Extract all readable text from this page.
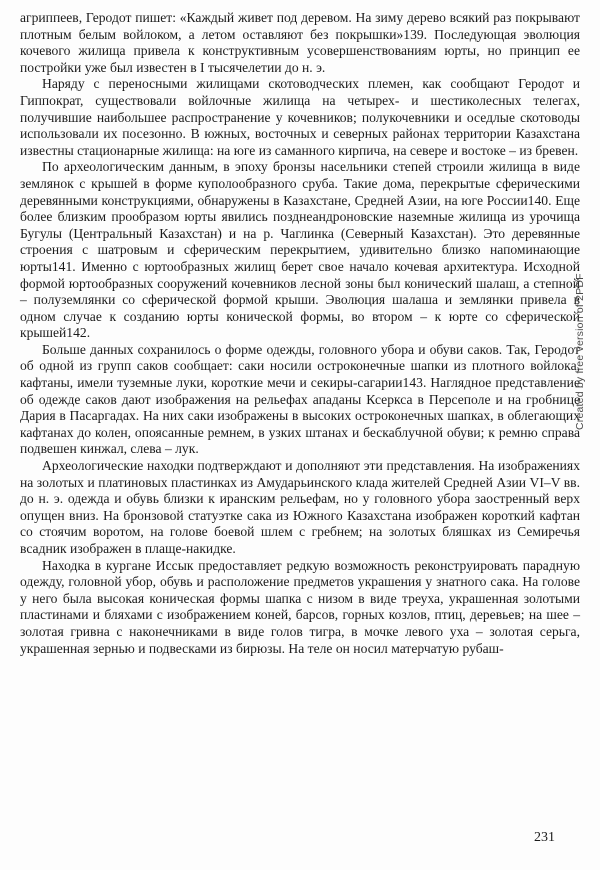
агриппеев, Геродот пишет: «Каждый живет под деревом. На зиму дерево всякий раз покрывают плотным белым войлоком, а летом оставляют без покрышки»139. Последующая эволюция кочевого жилища привела к конструктивным усовершенствованиям юрты, но принцип ее постройки уже был известен в I тысячелетии до н. э.

Наряду с переносными жилищами скотоводческих племен, как сообщают Геродот и Гиппократ, существовали войлочные жилища на четырех- и шестиколесных телегах, получившие наибольшее распространение у кочевников; полукочевники и оседлые скотоводы использовали их посезонно. В южных, восточных и северных районах территории Казахстана известны стационарные жилища: на юге из саманного кирпича, на севере и востоке – из бревен.

По археологическим данным, в эпоху бронзы насельники степей строили жилища в виде землянок с крышей в форме куполообразного сруба. Такие дома, перекрытые сферическими деревянными конструкциями, обнаружены в Казахстане, Средней Азии, на юге России140. Еще более близким прообразом юрты явились позднеандроновские наземные жилища из урочища Бугулы (Центральный Казахстан) и на р. Чаглинка (Северный Казахстан). Это деревянные строения с шатровым и сферическим перекрытием, удивительно близко напоминающие юрты141. Именно с юртообразных жилищ берет свое начало кочевая архитектура. Исходной формой юртообразных сооружений кочевников лесной зоны был конический шалаш, а степной – полуземлянки со сферической формой крыши. Эволюция шалаша и землянки привела в одном случае к созданию юрты конической формы, во втором – к юрте со сферической крышей142.

Больше данных сохранилось о форме одежды, головного убора и обуви саков. Так, Геродот об одной из групп саков сообщает: саки носили остроконечные шапки из плотного войлока, кафтаны, имели туземные луки, короткие мечи и секиры-сагарии143. Наглядное представление об одежде саков дают изображения на рельефах ападаны Ксеркса в Персеполе и на гробнице Дария в Пасаргадах. На них саки изображены в высоких остроконечных шапках, в облегающих кафтанах до колен, опоясанные ремнем, в узких штанах и бескаблучной обуви; к ремню справа подвешен кинжал, слева – лук.

Археологические находки подтверждают и дополняют эти представления. На изображениях на золотых и платиновых пластинках из Амударьинского клада жителей Средней Азии VI–V вв. до н. э. одежда и обувь близки к иранским рельефам, но у головного убора заостренный верх опущен вниз. На бронзовой статуэтке сака из Южного Казахстана изображен короткий кафтан со стоячим воротом, на голове боевой шлем с гребнем; на золотых бляшках из Семиречья всадник изображен в плаще-накидке.

Находка в кургане Иссык предоставляет редкую возможность реконструировать парадную одежду, головной убор, обувь и расположение предметов украшения у знатного сака. На голове у него была высокая коническая формы шапка с низом в виде треуха, украшенная золотыми пластинами и бляхами с изображением коней, барсов, горных козлов, птиц, деревьев; на шее – золотая гривна с наконечниками в виде голов тигра, в мочке левого уха – золотая серьга, украшенная зернью и подвесками из бирюзы. На теле он носил матерчатую рубаш-

Created by free version of 2PDF
231
